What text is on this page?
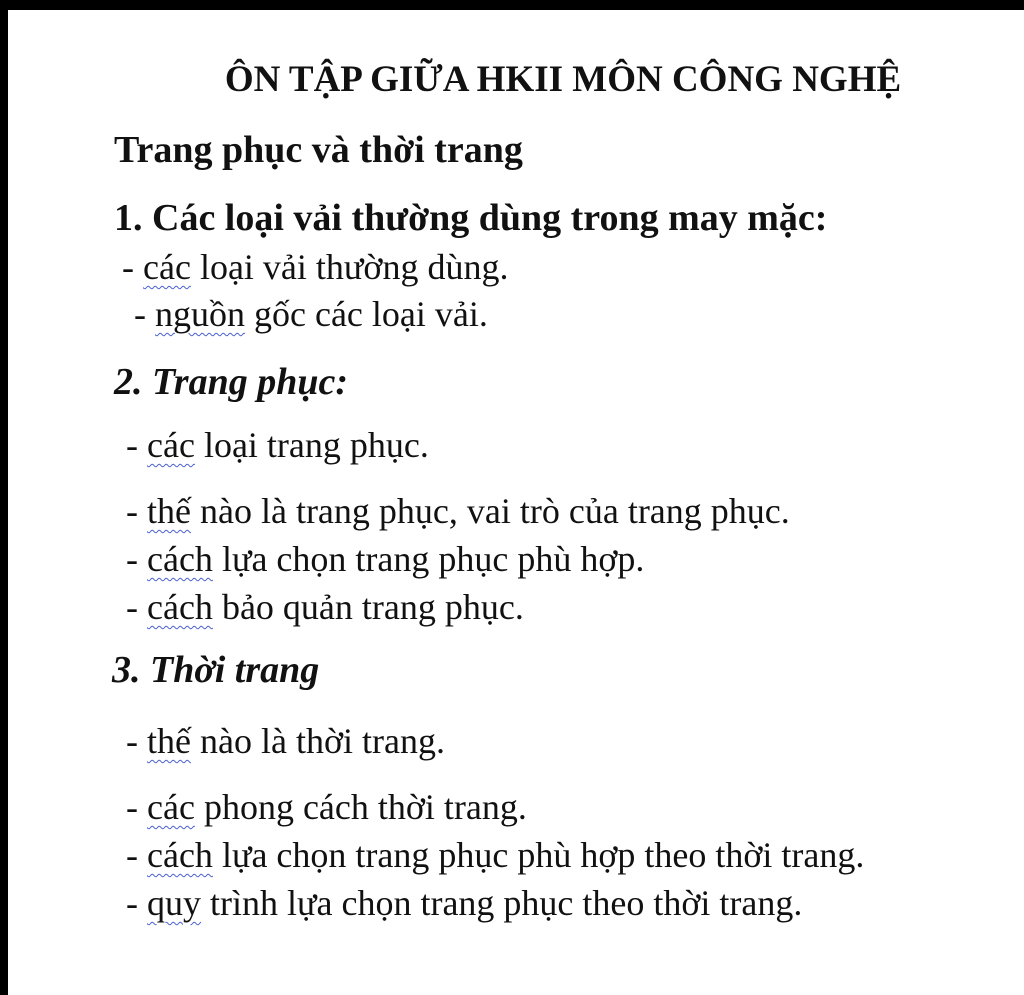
ÔN TẬP GIỮA HKII MÔN CÔNG NGHỆ
Trang phục và thời trang
1. Các loại vải thường dùng trong may mặc:

- các loại vải thường dùng.

- nguồn gốc các loại vải.

2. Trang phục:

- các loại trang phục.

- thế nào là trang phục, vai trò của trang phục.

- cách lựa chọn trang phục phù hợp.

- cách bảo quản trang phục.

3. Thời trang

- thế nào là thời trang.

- các phong cách thời trang.

- cách lựa chọn trang phục phù hợp theo thời trang.

- quy trình lựa chọn trang phục theo thời trang.
